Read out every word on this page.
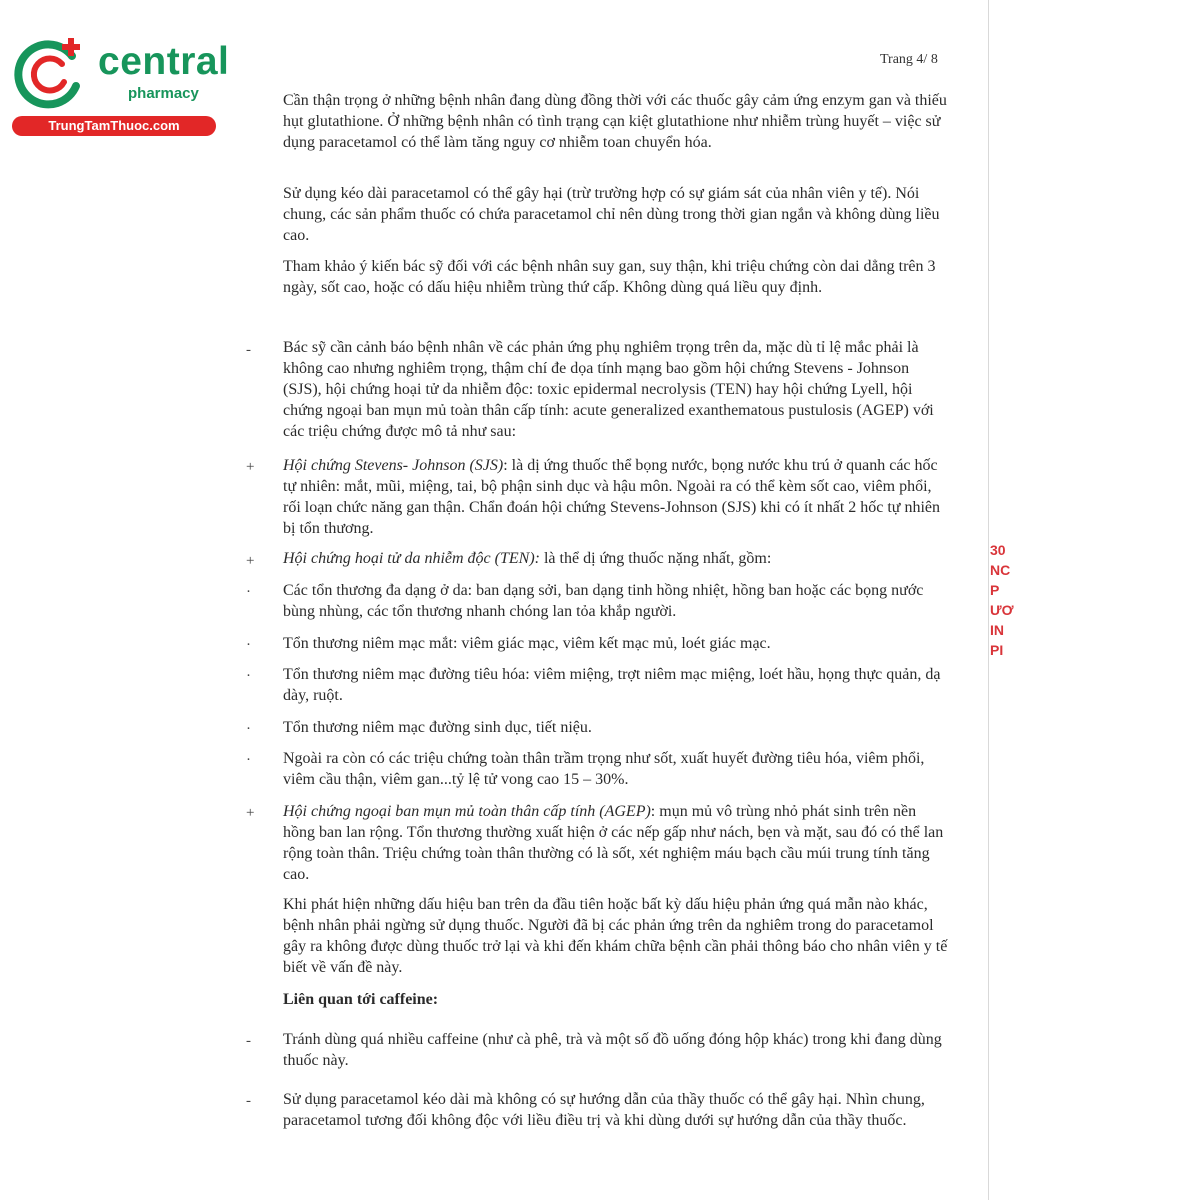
central
pharmacy
TrungTamThuoc.com
Trang 4/ 8

Cần thận trọng ở những bệnh nhân đang dùng đồng thời với các thuốc gây cảm ứng enzym gan và thiếu hụt glutathione. Ở những bệnh nhân có tình trạng cạn kiệt glutathione như nhiễm trùng huyết – việc sử dụng paracetamol có thể làm tăng nguy cơ nhiễm toan chuyển hóa.

Sử dụng kéo dài paracetamol có thể gây hại (trừ trường hợp có sự giám sát của nhân viên y tế). Nói chung, các sản phẩm thuốc có chứa paracetamol chỉ nên dùng trong thời gian ngắn và không dùng liều cao.

Tham khảo ý kiến bác sỹ đối với các bệnh nhân suy gan, suy thận, khi triệu chứng còn dai dẳng trên 3 ngày, sốt cao, hoặc có dấu hiệu nhiễm trùng thứ cấp. Không dùng quá liều quy định.

-	Bác sỹ cần cảnh báo bệnh nhân về các phản ứng phụ nghiêm trọng trên da, mặc dù tỉ lệ mắc phải là không cao nhưng nghiêm trọng, thậm chí đe dọa tính mạng bao gồm hội chứng Stevens - Johnson (SJS), hội chứng hoại tử da nhiễm độc: toxic epidermal necrolysis (TEN) hay hội chứng Lyell, hội chứng ngoại ban mụn mủ toàn thân cấp tính: acute generalized exanthematous pustulosis (AGEP) với các triệu chứng được mô tả như sau:

+	Hội chứng Stevens- Johnson (SJS): là dị ứng thuốc thể bọng nước, bọng nước khu trú ở quanh các hốc tự nhiên: mắt, mũi, miệng, tai, bộ phận sinh dục và hậu môn. Ngoài ra có thể kèm sốt cao, viêm phổi, rối loạn chức năng gan thận. Chẩn đoán hội chứng Stevens-Johnson (SJS) khi có ít nhất 2 hốc tự nhiên bị tổn thương.

+	Hội chứng hoại tử da nhiễm độc (TEN): là thể dị ứng thuốc nặng nhất, gồm:

·	Các tổn thương đa dạng ở da: ban dạng sởi, ban dạng tinh hồng nhiệt, hồng ban hoặc các bọng nước bùng nhùng, các tổn thương nhanh chóng lan tỏa khắp người.

·	Tổn thương niêm mạc mắt: viêm giác mạc, viêm kết mạc mủ, loét giác mạc.

·	Tổn thương niêm mạc đường tiêu hóa: viêm miệng, trợt niêm mạc miệng, loét hầu, họng thực quản, dạ dày, ruột.

·	Tổn thương niêm mạc đường sinh dục, tiết niệu.

·	Ngoài ra còn có các triệu chứng toàn thân trầm trọng như sốt, xuất huyết đường tiêu hóa, viêm phổi, viêm cầu thận, viêm gan...tỷ lệ tử vong cao 15 – 30%.

+	Hội chứng ngoại ban mụn mủ toàn thân cấp tính (AGEP): mụn mủ vô trùng nhỏ phát sinh trên nền hồng ban lan rộng. Tổn thương thường xuất hiện ở các nếp gấp như nách, bẹn và mặt, sau đó có thể lan rộng toàn thân. Triệu chứng toàn thân thường có là sốt, xét nghiệm máu bạch cầu múi trung tính tăng cao.

Khi phát hiện những dấu hiệu ban trên da đầu tiên hoặc bất kỳ dấu hiệu phản ứng quá mẫn nào khác, bệnh nhân phải ngừng sử dụng thuốc. Người đã bị các phản ứng trên da nghiêm trong do paracetamol gây ra không được dùng thuốc trở lại và khi đến khám chữa bệnh cần phải thông báo cho nhân viên y tế biết về vấn đề này.

Liên quan tới caffeine:

-	Tránh dùng quá nhiều caffeine (như cà phê, trà và một số đồ uống đóng hộp khác) trong khi đang dùng thuốc này.

-	Sử dụng paracetamol kéo dài mà không có sự hướng dẫn của thầy thuốc có thể gây hại. Nhìn chung, paracetamol tương đối không độc với liều điều trị và khi dùng dưới sự hướng dẫn của thầy thuốc.

30
NC
P
ƯƠ
IN
PI
